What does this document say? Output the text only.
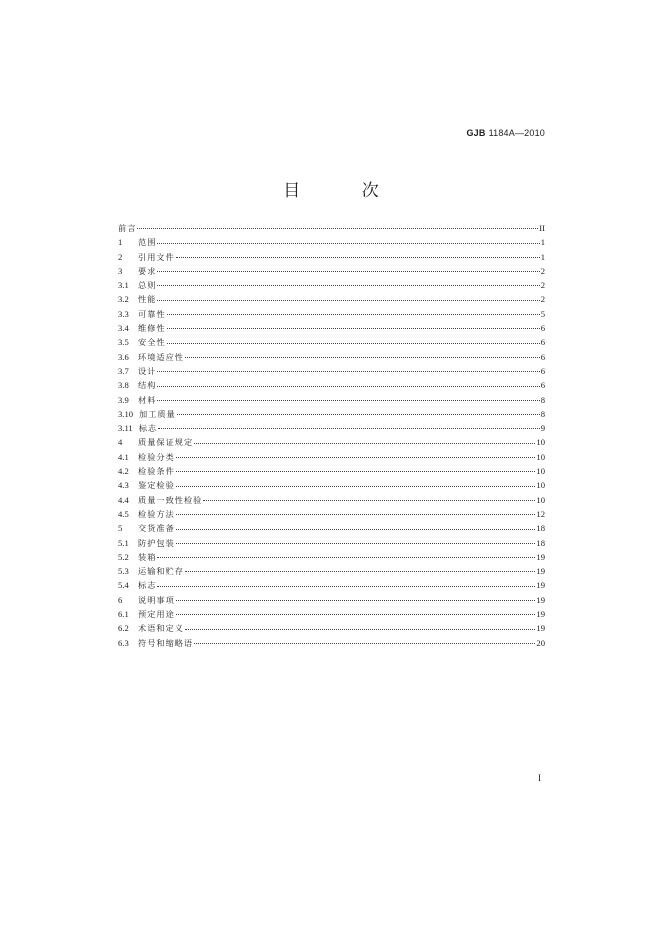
GJB 1184A—2010
目 次
前言	II
1	范围	1
2	引用文件	1
3	要求	2
3.1	总则	2
3.2	性能	2
3.3	可靠性	5
3.4	维修性	6
3.5	安全性	6
3.6	环境适应性	6
3.7	设计	6
3.8	结构	6
3.9	材料	8
3.10 加工质量	8
3.11 标志	9
4	质量保证规定	10
4.1	检验分类	10
4.2	检验条件	10
4.3	鉴定检验	10
4.4	质量一致性检验	10
4.5	检验方法	12
5	交货准备	18
5.1	防护包装	18
5.2	装箱	19
5.3	运输和贮存	19
5.4	标志	19
6	说明事项	19
6.1	预定用途	19
6.2	术语和定义	19
6.3	符号和缩略语	20
I
